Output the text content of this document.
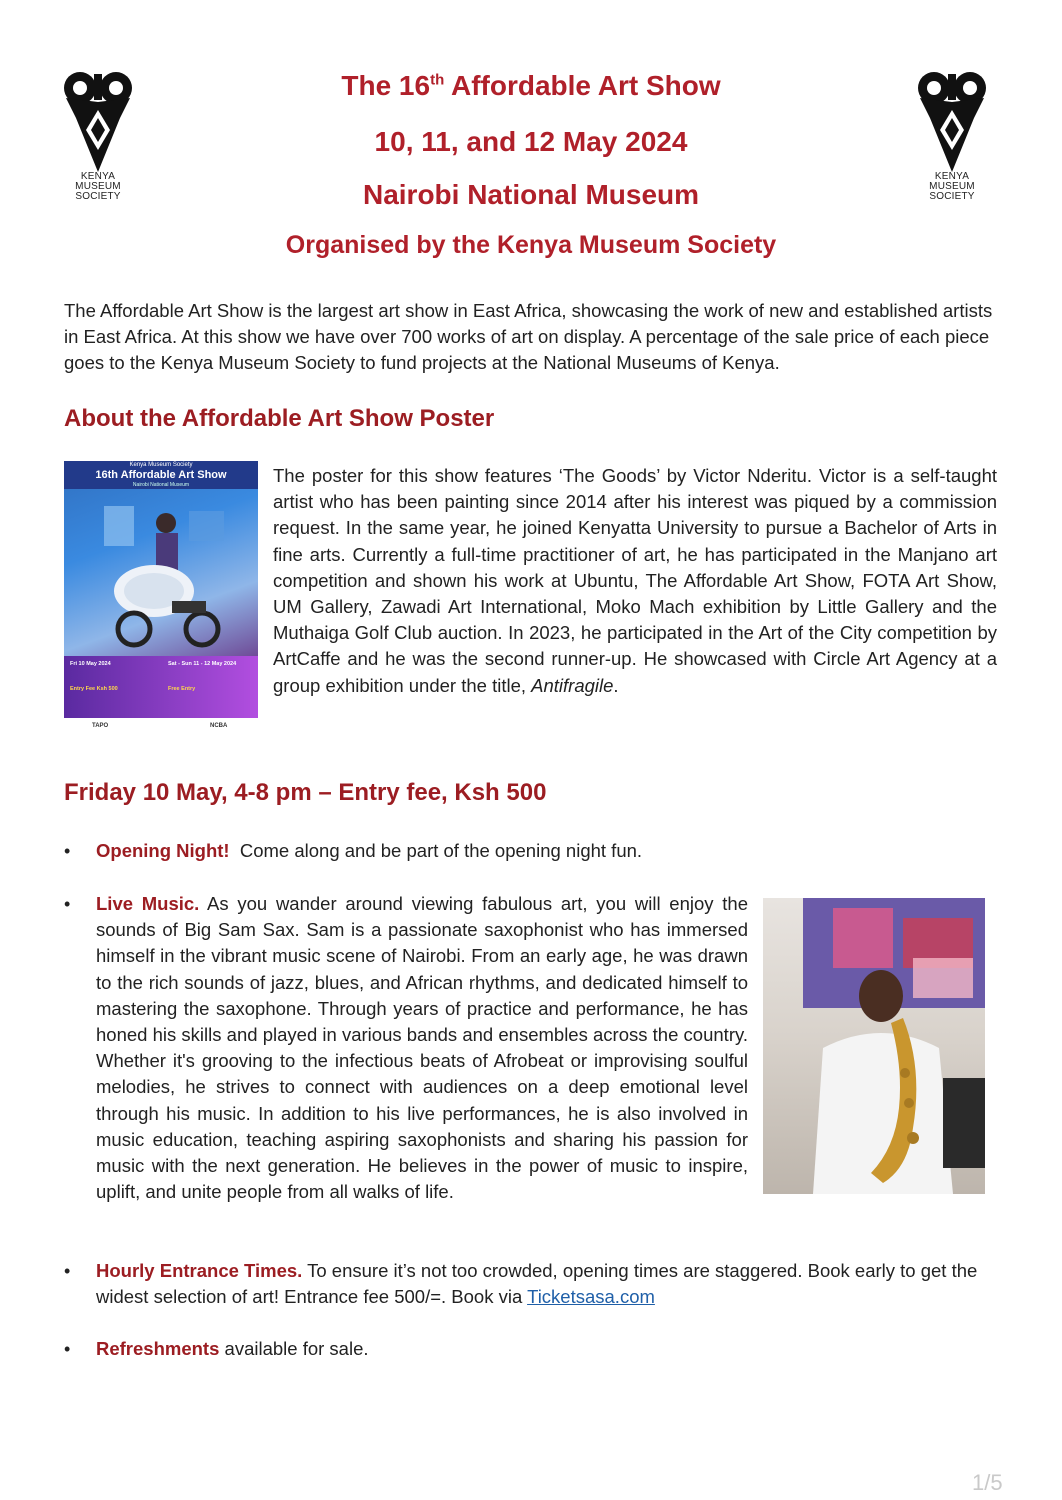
KENYA
MUSEUM
SOCIETY
KENYA
MUSEUM
SOCIETY
The 16th Affordable Art Show
10, 11, and 12 May 2024
Nairobi National Museum
Organised by the Kenya Museum Society
The Affordable Art Show is the largest art show in East Africa, showcasing the work of new and established artists in East Africa. At this show we have over 700 works of art on display. A percentage of the sale price of each piece goes to the Kenya Museum Society to fund projects at the National Museums of Kenya.
About the Affordable Art Show Poster
Kenya Museum Society
16th Affordable Art Show
Nairobi National Museum
Fri 10 May 2024	Sat - Sun 11 - 12 May 2024
Entry Fee Ksh 500	Free Entry
TAPO	NCBA
The poster for this show features ‘The Goods’ by Victor Nderitu. Victor is a self-taught artist who has been painting since 2014 after his interest was piqued by a commission request. In the same year, he joined Kenyatta University to pursue a Bachelor of Arts in fine arts. Currently a full-time practitioner of art, he has participated in the Manjano art competition and shown his work at Ubuntu, The Affordable Art Show, FOTA Art Show, UM Gallery, Zawadi Art International, Moko Mach exhibition by Little Gallery and the Muthaiga Golf Club auction. In 2023, he participated in the Art of the City competition by ArtCaffe and he was the second runner-up. He showcased with Circle Art Agency at a group exhibition under the title, Antifragile.
Friday 10 May, 4-8 pm – Entry fee, Ksh 500
• Opening Night!  Come along and be part of the opening night fun.
• Live Music. As you wander around viewing fabulous art, you will enjoy the sounds of Big Sam Sax. Sam is a passionate saxophonist who has immersed himself in the vibrant music scene of Nairobi. From an early age, he was drawn to the rich sounds of jazz, blues, and African rhythms, and dedicated himself to mastering the saxophone. Through years of practice and performance, he has honed his skills and played in various bands and ensembles across the country. Whether it's grooving to the infectious beats of Afrobeat or improvising soulful melodies, he strives to connect with audiences on a deep emotional level through his music. In addition to his live performances, he is also involved in music education, teaching aspiring saxophonists and sharing his passion for music with the next generation. He believes in the power of music to inspire, uplift, and unite people from all walks of life.
• Hourly Entrance Times. To ensure it’s not too crowded, opening times are staggered. Book early to get the widest selection of art! Entrance fee 500/=. Book via Ticketsasa.com
• Refreshments available for sale.
1/5
